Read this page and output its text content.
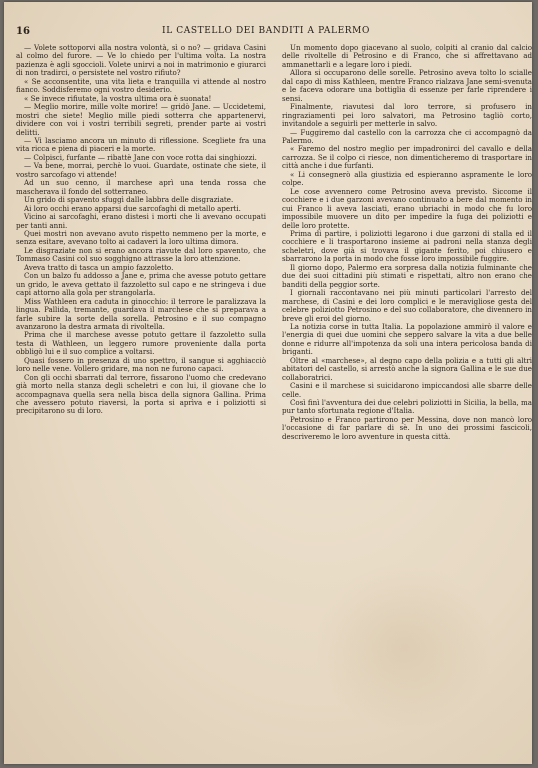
16	IL CASTELLO DEI BANDITI A PALERMO

— Volete sottoporvi alla nostra volontà, sì o no? — gridava Casini al colmo del furore. — Ve lo chiedo per l'ultima volta. La nostra pazienza è agli sgoccioli. Volete unirvi a noi in matrimonio e giurarci di non tradirci, o persistete nel vostro rifiuto?

« Se acconsentite, una vita lieta e tranquilla vi attende al nostro fianco. Soddisferemo ogni vostro desiderio.

« Se invece rifiutate, la vostra ultima ora è suonata!

— Meglio morire, mille volte morire! — gridò Jane. — Uccidetemi, mostri che siete! Meglio mille piedi sotterra che appartenervi, dividere con voi i vostri terribili segreti, prender parte ai vostri delitti.

— Vi lasciamo ancora un minuto di riflessione. Scegliete fra una vita ricca e piena di piaceri e la morte.

— Colpisci, furfante — ribattè Jane con voce rotta dai singhiozzi.

— Va bene, morrai, perchè lo vuoi. Guardate, ostinate che siete, il vostro sarcofago vi attende!

Ad un suo cenno, il marchese aprì una tenda rossa che mascherava il fondo del sotterraneo.

Un grido di spavento sfuggì dalle labbra delle disgraziate.

Ai loro occhi erano apparsi due sarcofaghi di metallo aperti.

Vicino ai sarcofaghi, erano distesi i morti che li avevano occupati per tanti anni.

Quei mostri non avevano avuto rispetto nemmeno per la morte, e senza esitare, avevano tolto ai cadaveri la loro ultima dimora.

Le disgraziate non si erano ancora riavute dal loro spavento, che Tommaso Casini col suo sogghigno attrasse la loro attenzione.

Aveva tratto di tasca un ampio fazzoletto.

Con un balzo fu addosso a Jane e, prima che avesse potuto gettare un grido, le aveva gettato il fazzoletto sul capo e ne stringeva i due capi attorno alla gola per strangolarla.

Miss Wathleen era caduta in ginocchio: il terrore le paralizzava la lingua. Pallida, tremante, guardava il marchese che si preparava a farle subire la sorte della sorella. Petrosino e il suo compagno avanzarono la destra armata di rivoltella.

Prima che il marchese avesse potuto gettare il fazzoletto sulla testa di Wathleen, un leggero rumore proveniente dalla porta obbligò lui e il suo complice a voltarsi.

Quasi fossero in presenza di uno spettro, il sangue si agghiacciò loro nelle vene. Vollero gridare, ma non ne furono capaci.

Con gli occhi sbarrati dal terrore, fissarono l'uomo che credevano già morto nella stanza degli scheletri e con lui, il giovane che lo accompagnava quella sera nella bisca della signora Gallina. Prima che avessero potuto riaversi, la porta si aprìva e i poliziotti si precipitarono su di loro.

Un momento dopo giacevano al suolo, colpiti al cranio dal calcio delle rivoltelle di Petrosino e di Franco, che si affrettavano ad ammanettarli e a legare loro i piedi.

Allora si occuparono delle sorelle. Petrosino aveva tolto lo scialle dal capo di miss Kathleen, mentre Franco rialzava Jane semi-svenuta e le faceva odorare una bottiglia di essenze per farle riprendere i sensi.

Finalmente, riavutesi dal loro terrore, si profusero in ringraziamenti pei loro salvatori, ma Petrosino tagliò corto, invitandole a seguirli per metterle in salvo.

— Fuggiremo dal castello con la carrozza che ci accompagnò da Palermo.

« Faremo del nostro meglio per impadronirci del cavallo e della carrozza. Se il colpo ci riesce, non dimenticheremo di trasportare in città anche i due furfanti.

« Li consegnerò alla giustizia ed espieranno aspramente le loro colpe.

Le cose avvennero come Petrosino aveva previsto. Siccome il cocchiere e i due garzoni avevano continuato a bere dal momento in cui Franco li aveva lasciati, erano ubriachi in modo che fu loro impossibile muovere un dito per impedire la fuga dei poliziotti e delle loro protette.

Prima di partire, i poliziotti legarono i due garzoni di stalla ed il cocchiere e li trasportarono insieme ai padroni nella stanza degli scheletri, dove già si trovava il gigante ferito, poi chiusero e sbarrarono la porta in modo che fosse loro impossibile fuggire.

Il giorno dopo, Palermo era sorpresa dalla notizia fulminante che due dei suoi cittadini più stimati e rispettati, altro non erano che banditi della peggior sorte.

I giornali raccontavano nei più minuti particolari l'arresto del marchese, di Casini e dei loro complici e le meravigliose gesta del celebre poliziotto Petrosino e del suo collaboratore, che divennero in breve gli eroi del giorno.

La notizia corse in tutta Italia. La popolazione ammirò il valore e l'energia di quei due uomini che seppero salvare la vita a due belle donne e ridurre all'impotenza da soli una intera pericolosa banda di briganti.

Oltre al «marchese», al degno capo della polizia e a tutti gli altri abitatori del castello, si arrestò anche la signora Gallina e le sue due collaboratrici.

Casini e il marchese si suicidarono impiccandosi alle sbarre delle celle.

Così finì l'avventura dei due celebri poliziotti in Sicilia, la bella, ma pur tanto sfortunata regione d'Italia.

Petrosino e Franco partirono per Messina, dove non mancò loro l'occasione di far parlare di sè. In uno dei prossimi fascicoli, descriveremo le loro avventure in questa città.
